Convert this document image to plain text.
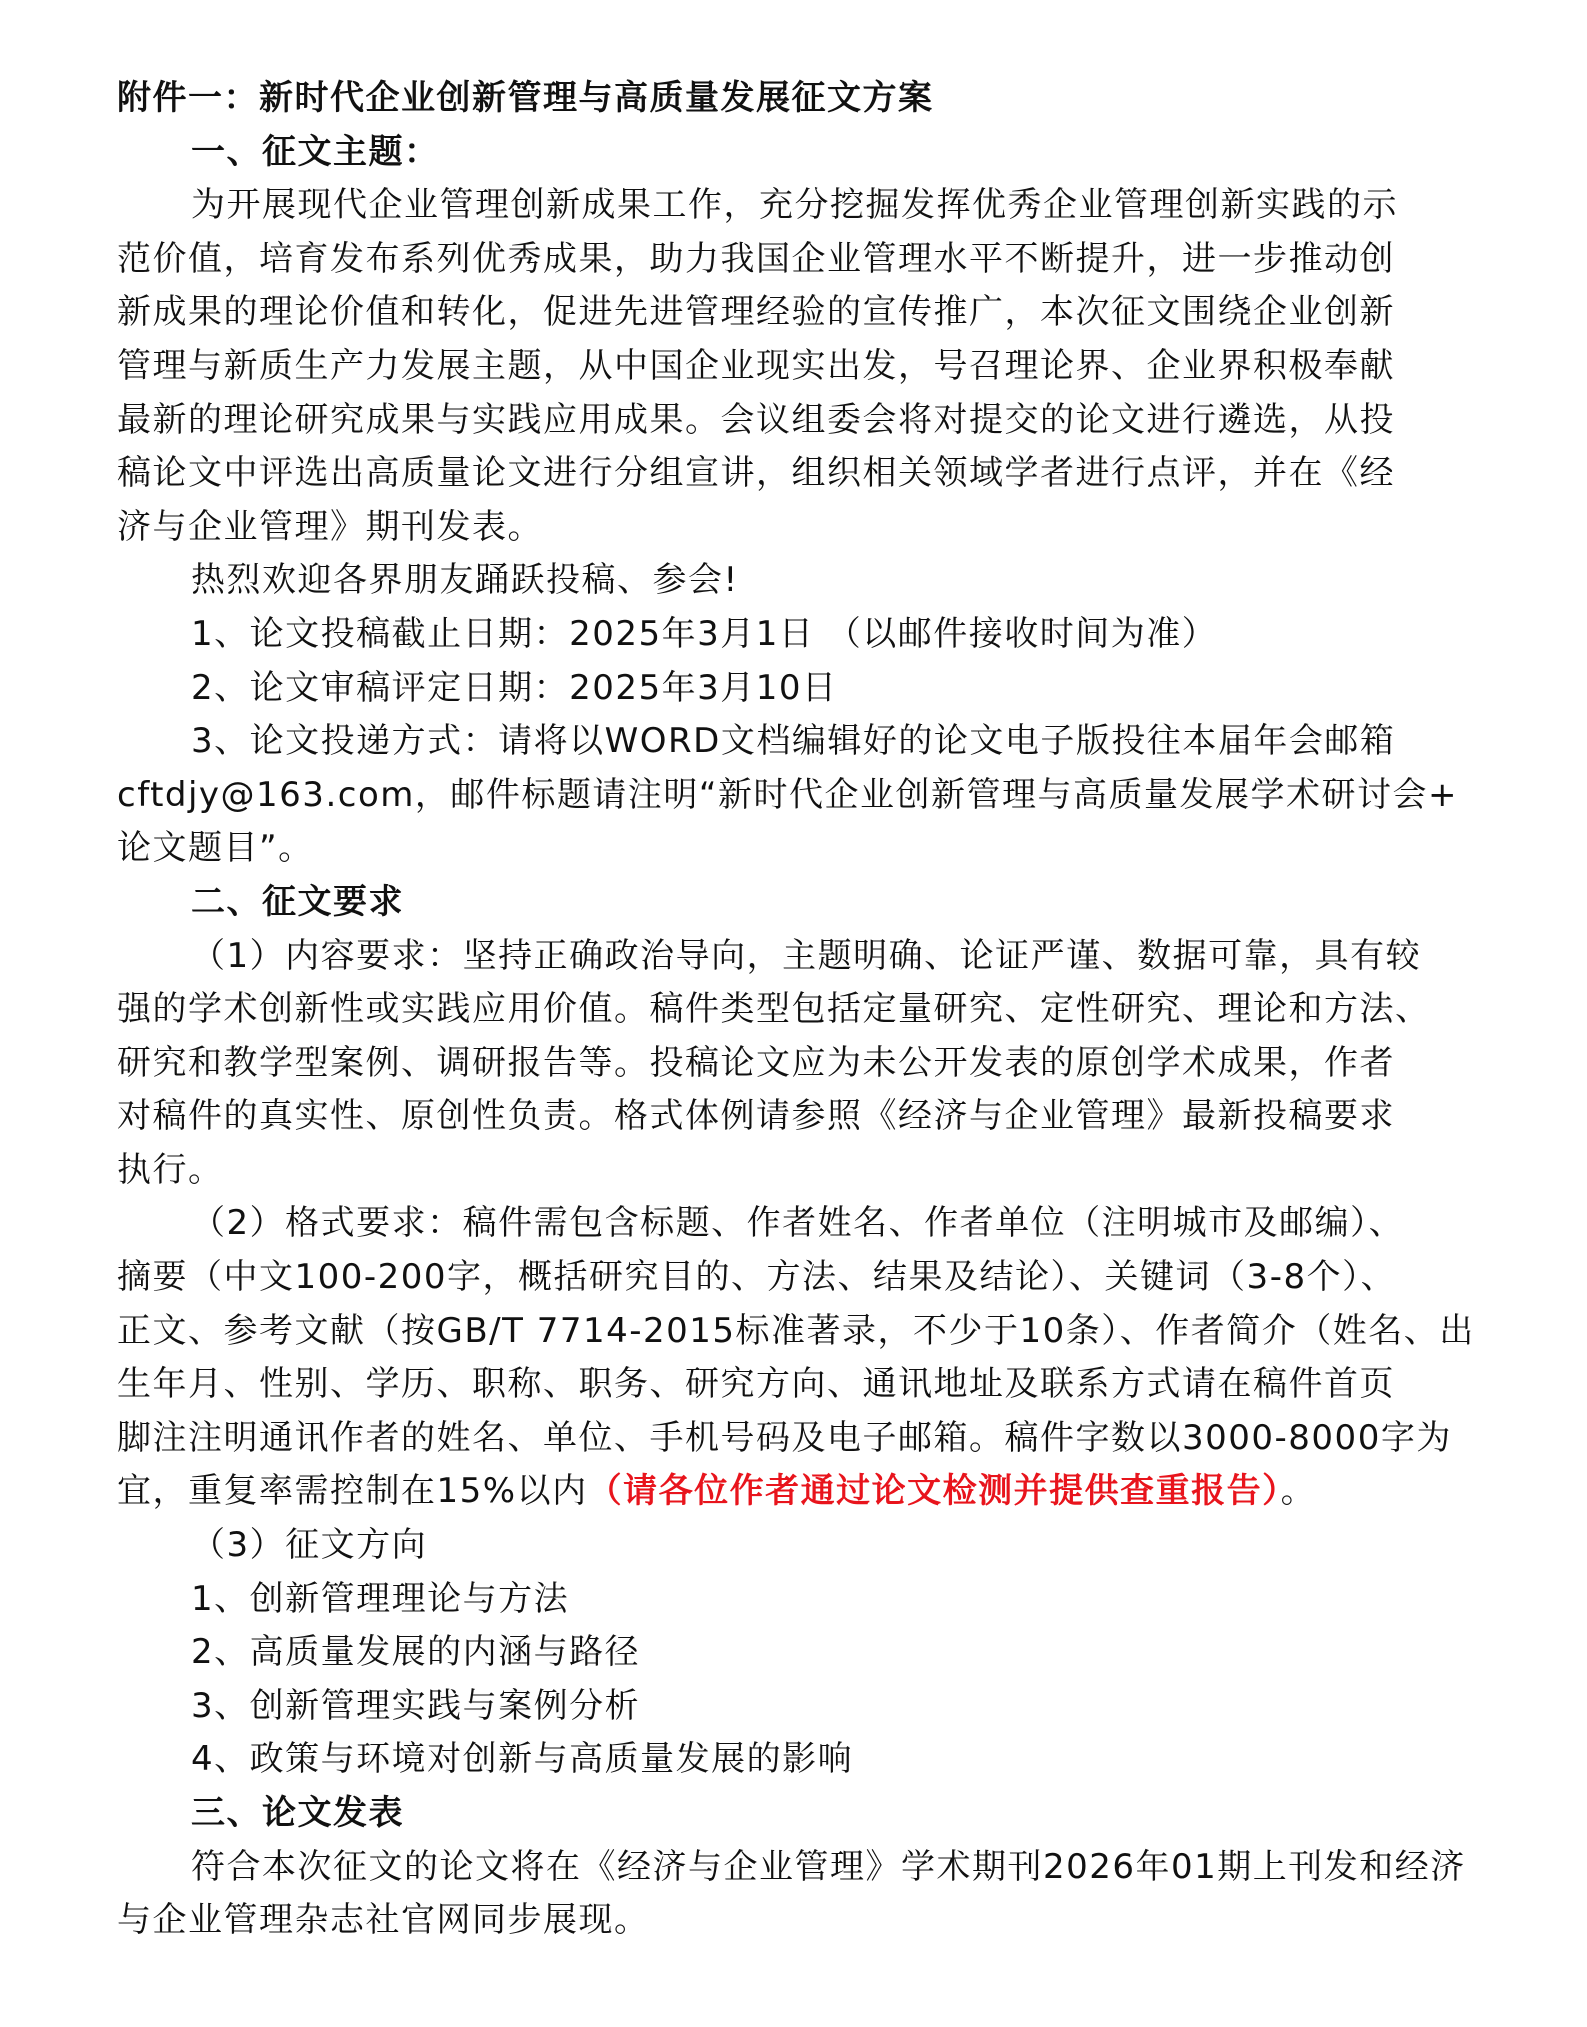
附件一：新时代企业创新管理与高质量发展征文方案
一、征文主题：
为开展现代企业管理创新成果工作，充分挖掘发挥优秀企业管理创新实践的示
范价值，培育发布系列优秀成果，助力我国企业管理水平不断提升，进一步推动创
新成果的理论价值和转化，促进先进管理经验的宣传推广，本次征文围绕企业创新
管理与新质生产力发展主题，从中国企业现实出发，号召理论界、企业界积极奉献
最新的理论研究成果与实践应用成果。会议组委会将对提交的论文进行遴选，从投
稿论文中评选出高质量论文进行分组宣讲，组织相关领域学者进行点评，并在《经
济与企业管理》期刊发表。
热烈欢迎各界朋友踊跃投稿、参会!
1、论文投稿截止日期：2025年3月1日 （以邮件接收时间为准）
2、论文审稿评定日期：2025年3月10日
3、论文投递方式：请将以WORD文档编辑好的论文电子版投往本届年会邮箱
cftdjy@163.com，邮件标题请注明“新时代企业创新管理与高质量发展学术研讨会+
论文题目”。
二、征文要求
（1）内容要求：坚持正确政治导向，主题明确、论证严谨、数据可靠，具有较
强的学术创新性或实践应用价值。稿件类型包括定量研究、定性研究、理论和方法、
研究和教学型案例、调研报告等。投稿论文应为未公开发表的原创学术成果，作者
对稿件的真实性、原创性负责。格式体例请参照《经济与企业管理》最新投稿要求
执行。
（2）格式要求：稿件需包含标题、作者姓名、作者单位（注明城市及邮编）、
摘要（中文100-200字，概括研究目的、方法、结果及结论）、关键词（3-8个）、
正文、参考文献（按GB/T 7714-2015标准著录，不少于10条）、作者简介（姓名、出
生年月、性别、学历、职称、职务、研究方向、通讯地址及联系方式请在稿件首页
脚注注明通讯作者的姓名、单位、手机号码及电子邮箱。稿件字数以3000-8000字为
宜，重复率需控制在15%以内（请各位作者通过论文检测并提供查重报告）。
（3）征文方向
1、创新管理理论与方法
2、高质量发展的内涵与路径
3、创新管理实践与案例分析
4、政策与环境对创新与高质量发展的影响
三、论文发表
符合本次征文的论文将在《经济与企业管理》学术期刊2026年01期上刊发和经济
与企业管理杂志社官网同步展现。
